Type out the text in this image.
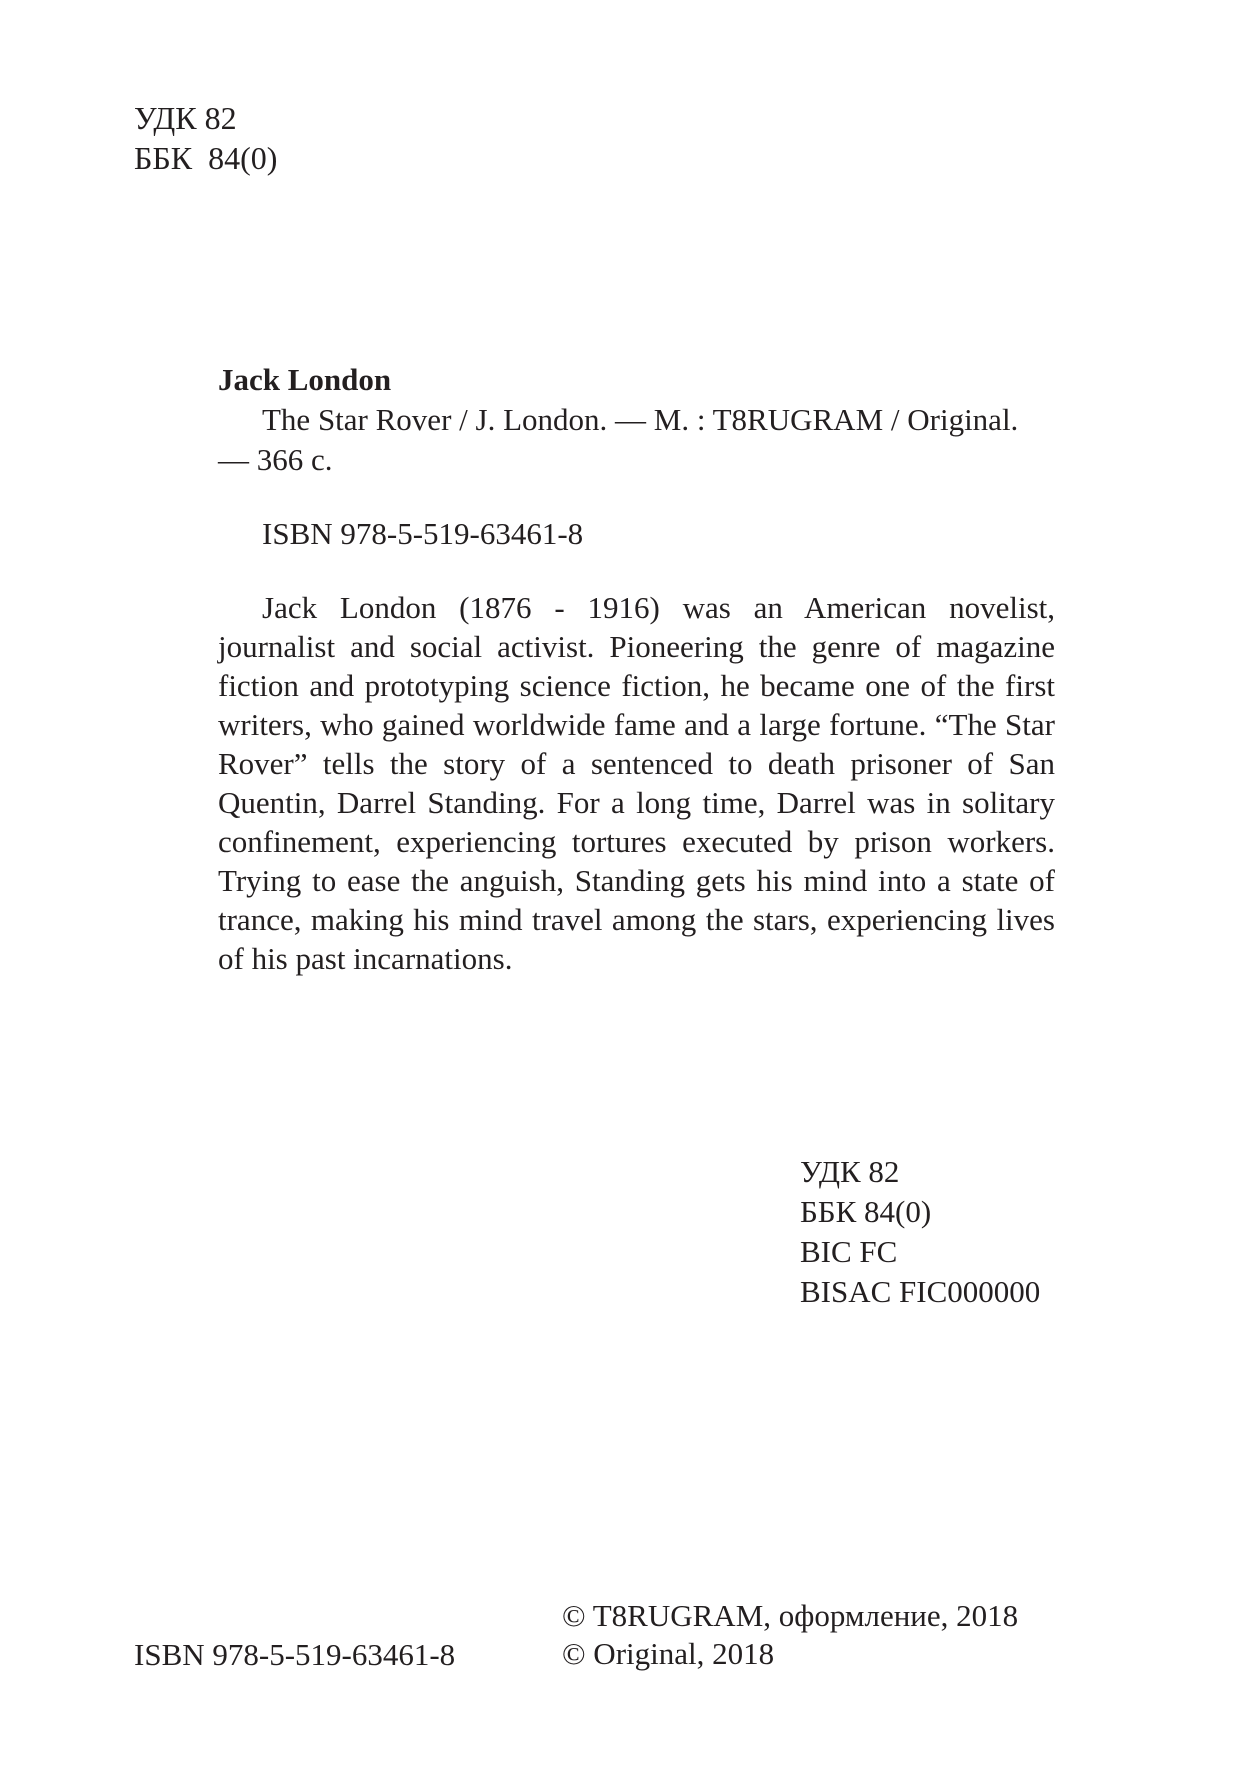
УДК 82
ББК  84(0)
Jack London
The Star Rover / J. London. — M. : T8RUGRAM / Original.
— 366 с.
ISBN 978-5-519-63461-8
Jack London (1876 - 1916) was an American novelist, journalist and social activist. Pioneering the genre of magazine fiction and prototyping science fiction, he became one of the first writers, who gained worldwide fame and a large fortune. “The Star Rover” tells the story of a sentenced to death prisoner of San Quentin, Darrel Standing. For a long time, Darrel was in solitary confinement, experiencing tortures executed by prison workers. Trying to ease the anguish, Standing gets his mind into a state of trance, making his mind travel among the stars, experiencing lives of his past incarnations.
УДК 82
ББК 84(0)
BIC FC
BISAC FIC000000
ISBN 978-5-519-63461-8
© T8RUGRAM, оформление, 2018
© Original, 2018
